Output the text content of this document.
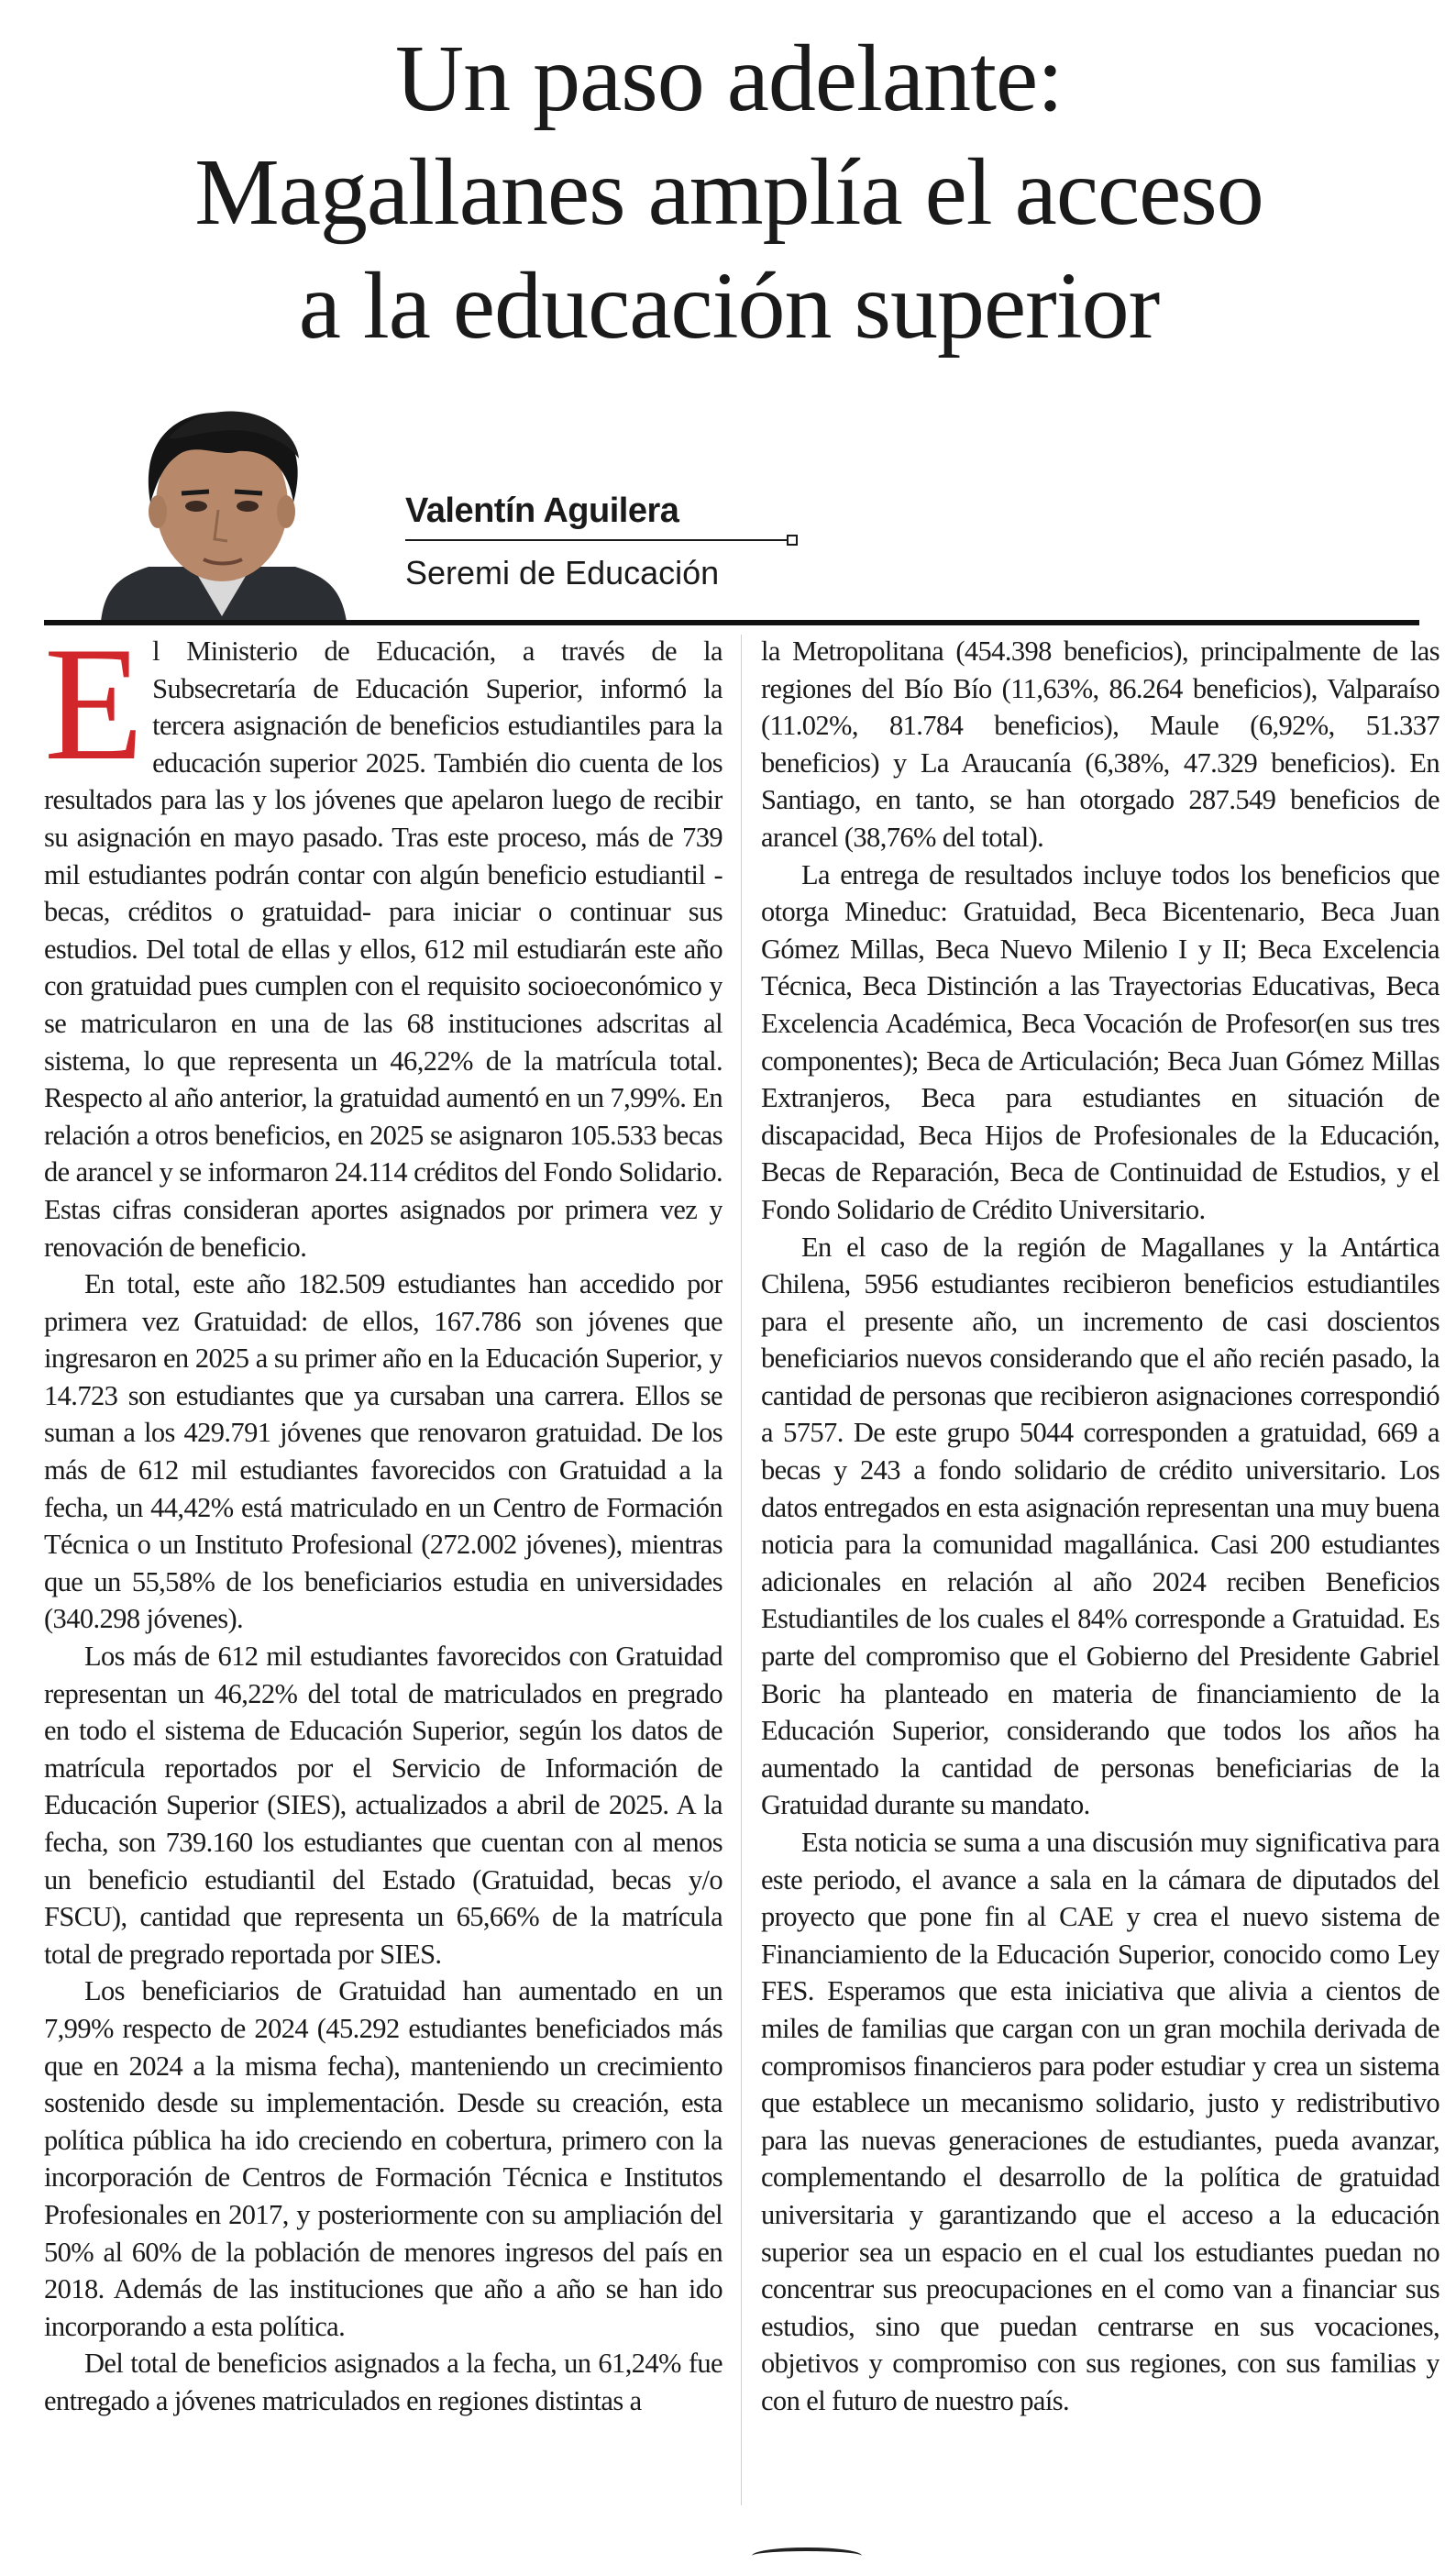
Un paso adelante:
Magallanes amplía el acceso
a la educación superior
Valentín Aguilera
Seremi de Educación

El Ministerio de Educación, a través de la Subsecretaría de Educación Superior, informó la tercera asignación de beneficios estudiantiles para la educación superior 2025. También dio cuenta de los resultados para las y los jóvenes que apelaron luego de recibir su asignación en mayo pasado. Tras este proceso, más de 739 mil estudiantes podrán contar con algún beneficio estudiantil -becas, créditos o gratuidad- para iniciar o continuar sus estudios. Del total de ellas y ellos, 612 mil estudiarán este año con gratuidad pues cumplen con el requisito socioeconómico y se matricularon en una de las 68 instituciones adscritas al sistema, lo que representa un 46,22% de la matrícula total. Respecto al año anterior, la gratuidad aumentó en un 7,99%. En relación a otros beneficios, en 2025 se asignaron 105.533 becas de arancel y se informaron 24.114 créditos del Fondo Solidario. Estas cifras consideran aportes asignados por primera vez y renovación de beneficio.

En total, este año 182.509 estudiantes han accedido por primera vez Gratuidad: de ellos, 167.786 son jóvenes que ingresaron en 2025 a su primer año en la Educación Superior, y 14.723 son estudiantes que ya cursaban una carrera. Ellos se suman a los 429.791 jóvenes que renovaron gratuidad. De los más de 612 mil estudiantes favorecidos con Gratuidad a la fecha, un 44,42% está matriculado en un Centro de Formación Técnica o un Instituto Profesional (272.002 jóvenes), mientras que un 55,58% de los beneficiarios estudia en universidades (340.298 jóvenes).

Los más de 612 mil estudiantes favorecidos con Gratuidad representan un 46,22% del total de matriculados en pregrado en todo el sistema de Educación Superior, según los datos de matrícula reportados por el Servicio de Información de Educación Superior (SIES), actualizados a abril de 2025. A la fecha, son 739.160 los estudiantes que cuentan con al menos un beneficio estudiantil del Estado (Gratuidad, becas y/o FSCU), cantidad que representa un 65,66% de la matrícula total de pregrado reportada por SIES.

Los beneficiarios de Gratuidad han aumentado en un 7,99% respecto de 2024 (45.292 estudiantes beneficiados más que en 2024 a la misma fecha), manteniendo un crecimiento sostenido desde su implementación. Desde su creación, esta política pública ha ido creciendo en cobertura, primero con la incorporación de Centros de Formación Técnica e Institutos Profesionales en 2017, y posteriormente con su ampliación del 50% al 60% de la población de menores ingresos del país en 2018. Además de las instituciones que año a año se han ido incorporando a esta política.

Del total de beneficios asignados a la fecha, un 61,24% fue entregado a jóvenes matriculados en regiones distintas a

la Metropolitana (454.398 beneficios), principalmente de las regiones del Bío Bío (11,63%, 86.264 beneficios), Valparaíso (11.02%, 81.784 beneficios), Maule (6,92%, 51.337 beneficios) y La Araucanía (6,38%, 47.329 beneficios). En Santiago, en tanto, se han otorgado 287.549 beneficios de arancel (38,76% del total).

La entrega de resultados incluye todos los beneficios que otorga Mineduc: Gratuidad, Beca Bicentenario, Beca Juan Gómez Millas, Beca Nuevo Milenio I y II; Beca Excelencia Técnica, Beca Distinción a las Trayectorias Educativas, Beca Excelencia Académica, Beca Vocación de Profesor(en sus tres componentes); Beca de Articulación; Beca Juan Gómez Millas Extranjeros, Beca para estudiantes en situación de discapacidad, Beca Hijos de Profesionales de la Educación, Becas de Reparación, Beca de Continuidad de Estudios, y el Fondo Solidario de Crédito Universitario.

En el caso de la región de Magallanes y la Antártica Chilena, 5956 estudiantes recibieron beneficios estudiantiles para el presente año, un incremento de casi doscientos beneficiarios nuevos considerando que el año recién pasado, la cantidad de personas que recibieron asignaciones correspondió a 5757. De este grupo 5044 corresponden a gratuidad, 669 a becas y 243 a fondo solidario de crédito universitario. Los datos entregados en esta asignación representan una muy buena noticia para la comunidad magallánica. Casi 200 estudiantes adicionales en relación al año 2024 reciben Beneficios Estudiantiles de los cuales el 84% corresponde a Gratuidad. Es parte del compromiso que el Gobierno del Presidente Gabriel Boric ha planteado en materia de financiamiento de la Educación Superior, considerando que todos los años ha aumentado la cantidad de personas beneficiarias de la Gratuidad durante su mandato.

Esta noticia se suma a una discusión muy significativa para este periodo, el avance a sala en la cámara de diputados del proyecto que pone fin al CAE y crea el nuevo sistema de Financiamiento de la Educación Superior, conocido como Ley FES. Esperamos que esta iniciativa que alivia a cientos de miles de familias que cargan con un gran mochila derivada de compromisos financieros para poder estudiar y crea un sistema que establece un mecanismo solidario, justo y redistributivo para las nuevas generaciones de estudiantes, pueda avanzar, complementando el desarrollo de la política de gratuidad universitaria y garantizando que el acceso a la educación superior sea un espacio en el cual los estudiantes puedan no concentrar sus preocupaciones en el como van a financiar sus estudios, sino que puedan centrarse en sus vocaciones, objetivos y compromiso con sus regiones, con sus familias y con el futuro de nuestro país.
